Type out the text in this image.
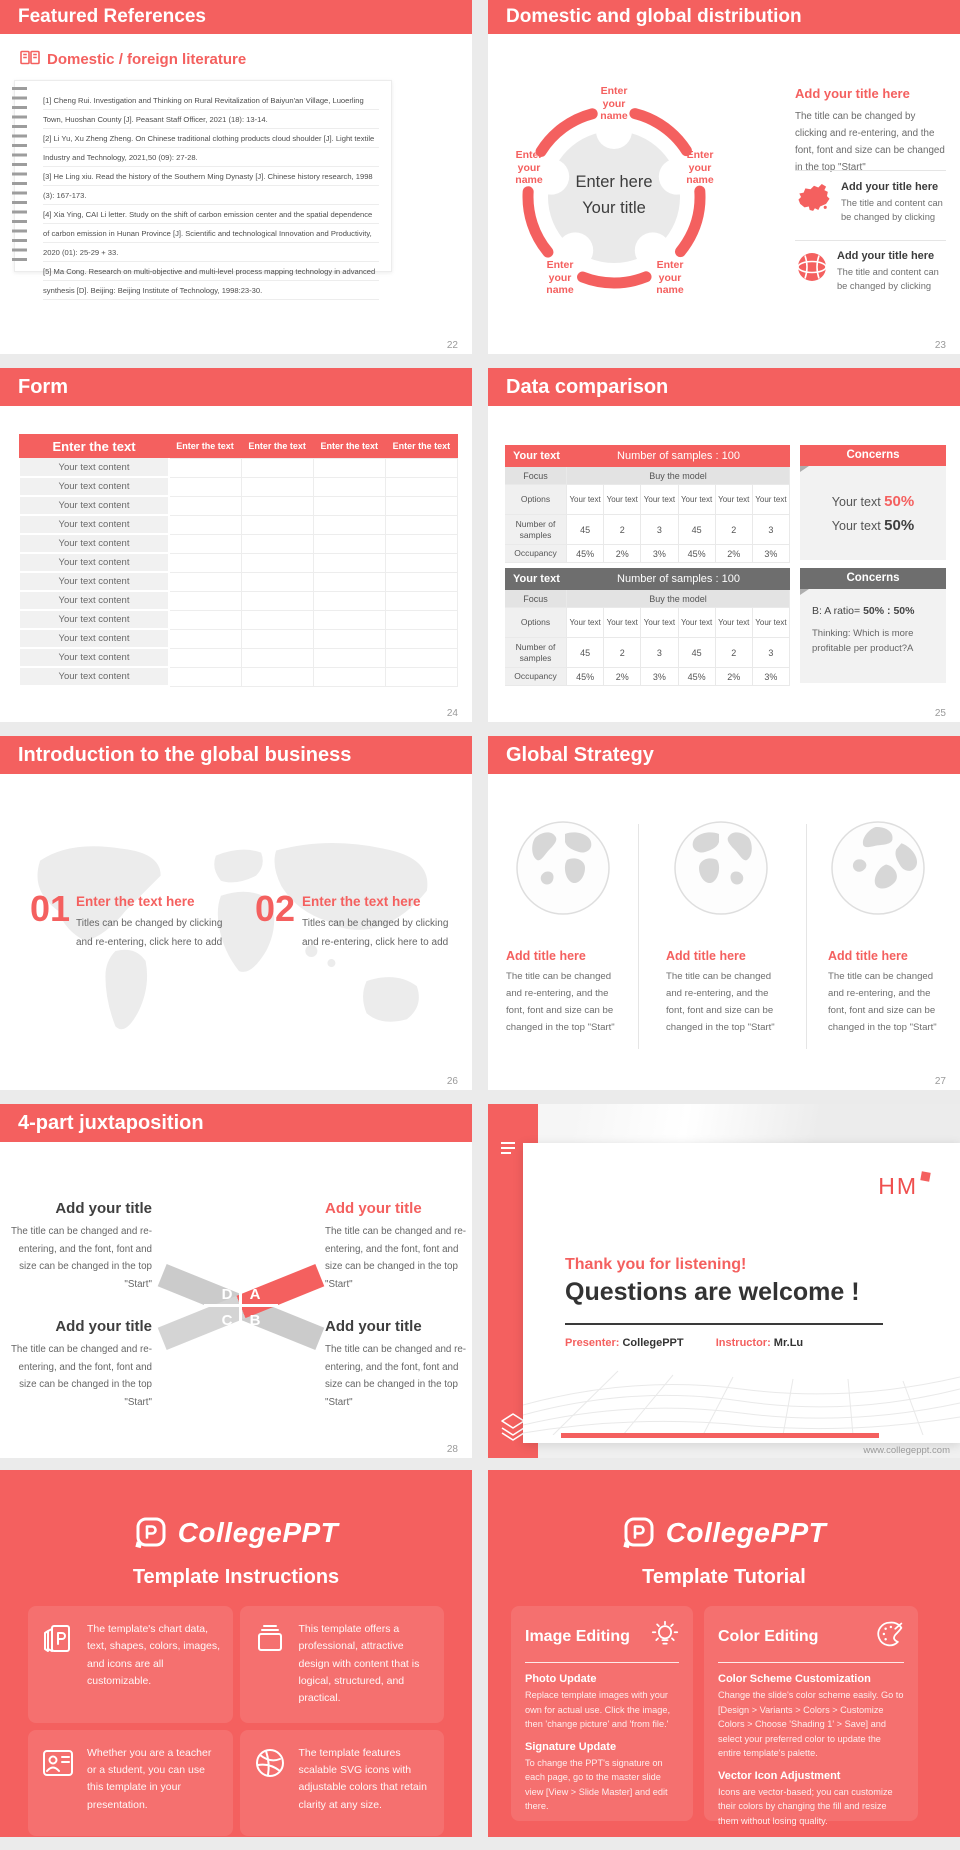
Featured References
Domestic / foreign literature

[1] Cheng Rui. Investigation and Thinking on Rural Revitalization of Baiyun'an Village, Luoerling Town, Huoshan County [J]. Peasant Staff Officer, 2021 (18): 13-14.

[2] Li Yu, Xu Zheng Zheng. On Chinese traditional clothing products cloud shoulder [J]. Light textile Industry and Technology, 2021,50 (09): 27-28.

[3] He Ling xiu. Read the history of the Southern Ming Dynasty [J]. Chinese history research, 1998 (3): 167-173.

[4] Xia Ying, CAI Li letter. Study on the shift of carbon emission center and the spatial dependence of carbon emission in Hunan Province [J]. Scientific and technological Innovation and Productivity, 2020 (01): 25-29 + 33.

[5] Ma Cong. Research on multi-objective and multi-level process mapping technology in advanced synthesis [D]. Beijing: Beijing Institute of Technology, 1998:23-30.

22
Domestic and global distribution
Enter your name
Enter your name
Enter your name
Enter your name
Enter your name
Enter here
Your title
Add your title here
The title can be changed by clicking and re-entering, and the font, font and size can be changed in the top "Start"
Add your title here
The title and content can be changed by clicking
Add your title here
The title and content can be changed by clicking
23
Form
Enter the text	Enter the text	Enter the text	Enter the text	Enter the text
Your text content				
Your text content				
Your text content				
Your text content				
Your text content				
Your text content				
Your text content				
Your text content				
Your text content				
Your text content				
Your text content				
Your text content				
24
Data comparison
Your text	Number of samples : 100
Focus	Buy the model
Options	Your text Your text Your text Your text Your text Your text
Number of samples	45	2	3	45	2	3
Occupancy	45%	2%	3%	45%	2%	3%
Your text	Number of samples : 100
Focus	Buy the model
Options	Your text Your text Your text Your text Your text Your text
Number of samples	45	2	3	45	2	3
Occupancy	45%	2%	3%	45%	2%	3%
Concerns
Your text 50%
Your text 50%
Concerns
B: A ratio= 50% : 50%
Thinking: Which is more profitable per product?A
25
Introduction to the global business
01 Enter the text here
Titles can be changed by clicking and re-entering, click here to add
02 Enter the text here
Titles can be changed by clicking and re-entering, click here to add
26
Global Strategy
Add title here
The title can be changed and re-entering, and the font, font and size can be changed in the top "Start"
Add title here
The title can be changed and re-entering, and the font, font and size can be changed in the top "Start"
Add title here
The title can be changed and re-entering, and the font, font and size can be changed in the top "Start"
27
4-part juxtaposition
Add your title
The title can be changed and re-entering, and the font, font and size can be changed in the top "Start"
Add your title
The title can be changed and re-entering, and the font, font and size can be changed in the top "Start"
Add your title
The title can be changed and re-entering, and the font, font and size can be changed in the top "Start"
Add your title
The title can be changed and re-entering, and the font, font and size can be changed in the top "Start"
D A
C B
28
HM
Thank you for listening!
Questions are welcome !
Presenter: CollegePPT	Instructor: Mr.Lu
www.collegeppt.com
CollegePPT
Template Instructions
The template's chart data, text, shapes, colors, images, and icons are all customizable.
This template offers a professional, attractive design with content that is logical, structured, and practical.
Whether you are a teacher or a student, you can use this template in your presentation.
The template features scalable SVG icons with adjustable colors that retain clarity at any size.
CollegePPT
Template Tutorial
Image Editing
Photo Update
Replace template images with your own for actual use. Click the image, then 'change picture' and 'from file.'
Signature Update
To change the PPT's signature on each page, go to the master slide view [View > Slide Master] and edit there.
Color Editing
Color Scheme Customization
Change the slide's color scheme easily. Go to [Design > Variants > Colors > Customize Colors > Choose 'Shading 1' > Save] and select your preferred color to update the entire template's palette.
Vector Icon Adjustment
Icons are vector-based; you can customize their colors by changing the fill and resize them without losing quality.
